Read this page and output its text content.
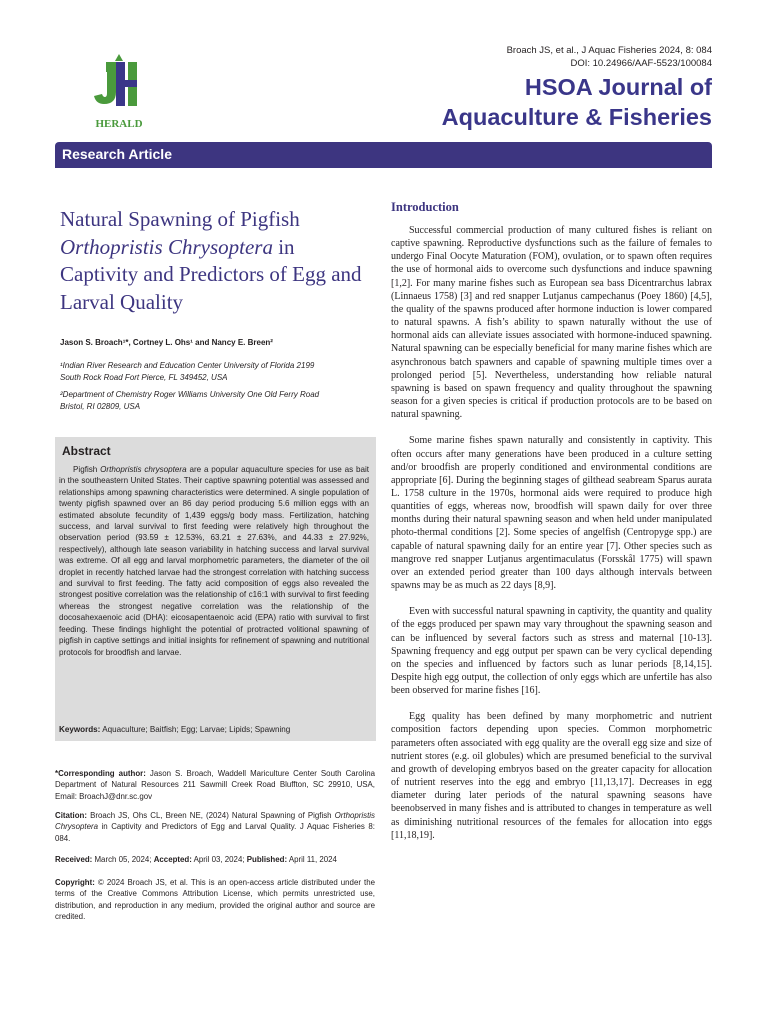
HERALD
Broach JS, et al., J Aquac Fisheries 2024, 8: 084
DOI: 10.24966/AAF-5523/100084
HSOA Journal of
Aquaculture & Fisheries
Research Article
Natural Spawning of Pigfish
Orthopristis Chrysoptera in Captivity and Predictors of Egg and Larval Quality
Jason S. Broach¹*, Cortney L. Ohs¹ and Nancy E. Breen²
¹Indian River Research and Education Center University of Florida 2199
South Rock Road Fort Pierce, FL 349452, USA
²Department of Chemistry Roger Williams University One Old Ferry Road
Bristol, RI 02809, USA
Abstract
Pigfish Orthopristis chrysoptera are a popular aquaculture species for use as bait in the southeastern United States. Their captive spawning potential was assessed and relationships among spawning characteristics were determined. A single population of twenty pigfish spawned over an 86 day period producing 5.6 million eggs with an estimated absolute fecundity of 1,439 eggs/g body mass. Fertilization, hatching success, and larval survival to first feeding were relatively high throughout the observation period (93.59 ± 12.53%, 63.21 ± 27.63%, and 44.33 ± 27.92%, respectively), although late season variability in hatching success and larval survival was extreme. Of all egg and larval morphometric parameters, the diameter of the oil droplet in recently hatched larvae had the strongest correlation with hatching success and survival to first feeding. The fatty acid composition of eggs also revealed the strongest positive correlation was the relationship of c16:1 with survival to first feeding whereas the strongest negative correlation was the relationship of the docosahexaenoic acid (DHA): eicosapentaenoic acid (EPA) ratio with survival to first feeding. These findings highlight the potential of protracted volitional spawning of pigfish in captive settings and initial insights for refinement of spawning and nutritional protocols for broodfish and larvae.
Keywords: Aquaculture; Baitfish; Egg; Larvae; Lipids; Spawning
*Corresponding author: Jason S. Broach, Waddell Mariculture Center South Carolina Department of Natural Resources 211 Sawmill Creek Road Bluffton, SC 29910, USA, Email: BroachJ@dnr.sc.gov
Citation: Broach JS, Ohs CL, Breen NE, (2024) Natural Spawning of Pigfish Orthopristis Chrysoptera in Captivity and Predictors of Egg and Larval Quality. J Aquac Fisheries 8: 084.
Received: March 05, 2024; Accepted: April 03, 2024; Published: April 11, 2024
Copyright: © 2024 Broach JS, et al. This is an open-access article distributed under the terms of the Creative Commons Attribution License, which permits unrestricted use, distribution, and reproduction in any medium, provided the original author and source are credited.
Introduction

Successful commercial production of many cultured fishes is reliant on captive spawning. Reproductive dysfunctions such as the failure of females to undergo Final Oocyte Maturation (FOM), ovulation, or to spawn often requires the use of hormonal aids to overcome such dysfunctions and induce spawning [1,2]. For many marine fishes such as European sea bass Dicentrarchus labrax (Linnaeus 1758) [3] and red snapper Lutjanus campechanus (Poey 1860) [4,5], the quality of the spawns produced after hormone induction is lower compared to natural spawns. A fish’s ability to spawn naturally without the use of hormonal aids can alleviate issues associated with hormone-induced spawning. Natural spawning can be especially beneficial for many marine fishes which are asynchronous batch spawners and capable of spawning multiple times over a prolonged period [5]. Nevertheless, understanding how reliable natural spawning is based on spawn frequency and quality throughout the spawning season for a given species is critical if production protocols are to be based on natural spawning.

Some marine fishes spawn naturally and consistently in captivity. This often occurs after many generations have been produced in a culture setting and/or broodfish are properly conditioned and environmental conditions are appropriate [6]. During the beginning stages of gilthead seabream Sparus aurata L. 1758 culture in the 1970s, hormonal aids were required to produce high quantities of eggs, whereas now, broodfish will spawn daily for over three months during their natural spawning season and when held under manipulated photo-thermal conditions [2]. Some species of angelfish (Centropyge spp.) are capable of natural spawning daily for an entire year [7]. Other species such as mangrove red snapper Lutjanus argentimaculatus (Forsskål 1775) will spawn over an extended period greater than 100 days although intervals between spawns may be as much as 22 days [8,9].

Even with successful natural spawning in captivity, the quantity and quality of the eggs produced per spawn may vary throughout the spawning season and can be influenced by several factors such as stress and maternal [10-13]. Spawning frequency and egg output per spawn can be very cyclical depending on the species and influenced by factors such as lunar periods [8,14,15]. Despite high egg output, the collection of only eggs which are unfertile has also been observed for marine fishes [16].

Egg quality has been defined by many morphometric and nutrient composition factors depending upon species. Common morphometric parameters often associated with egg quality are the overall egg size and size of nutrient stores (e.g. oil globules) which are presumed beneficial to the survival and growth of developing embryos based on the greater capacity for allocation of nutrient reserves into the egg and embryo [11,13,17]. Decreases in egg diameter during later periods of the natural spawning seasons have beenobserved in many fishes and is attributed to changes in temperature as well as diminishing nutritional resources of the females for allocation into eggs [11,18,19].
